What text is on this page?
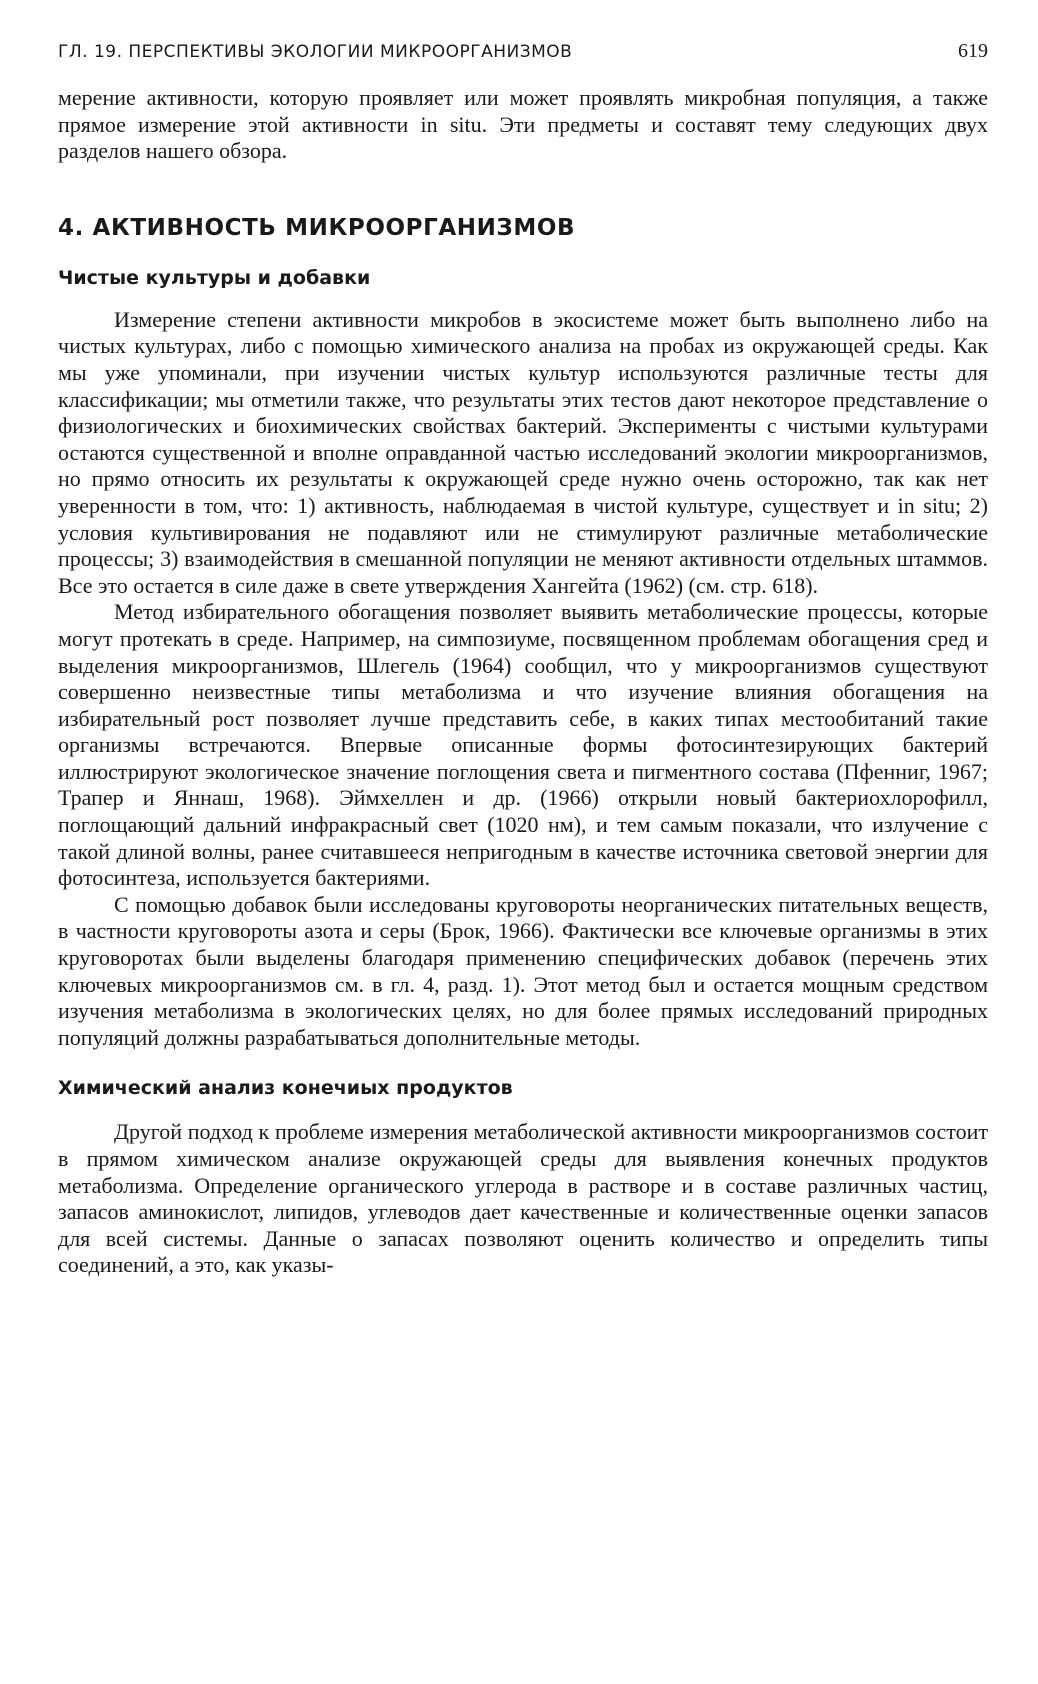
ГЛ. 19. ПЕРСПЕКТИВЫ ЭКОЛОГИИ МИКРООРГАНИЗМОВ	619

мерение активности, которую проявляет или может проявлять микробная популяция, а также прямое измерение этой активности in situ. Эти предметы и составят тему следующих двух разделов нашего обзора.

4. АКТИВНОСТЬ МИКРООРГАНИЗМОВ
Чистые культуры и добавки

Измерение степени активности микробов в экосистеме может быть выполнено либо на чистых культурах, либо с помощью химического анализа на пробах из окружающей среды. Как мы уже упоминали, при изучении чистых культур используются различные тесты для классификации; мы отметили также, что результаты этих тестов дают некоторое представление о физиологических и биохимических свойствах бактерий. Эксперименты с чистыми культурами остаются существенной и вполне оправданной частью исследований экологии микроорганизмов, но прямо относить их результаты к окружающей среде нужно очень осторожно, так как нет уверенности в том, что: 1) активность, наблюдаемая в чистой культуре, существует и in situ; 2) условия культивирования не подавляют или не стимулируют различные метаболические процессы; 3) взаимодействия в смешанной популяции не меняют активности отдельных штаммов. Все это остается в силе даже в свете утверждения Хангейта (1962) (см. стр. 618).

Метод избирательного обогащения позволяет выявить метаболические процессы, которые могут протекать в среде. Например, на симпозиуме, посвященном проблемам обогащения сред и выделения микроорганизмов, Шлегель (1964) сообщил, что у микроорганизмов существуют совершенно неизвестные типы метаболизма и что изучение влияния обогащения на избирательный рост позволяет лучше представить себе, в каких типах местообитаний такие организмы встречаются. Впервые описанные формы фотосинтезирующих бактерий иллюстрируют экологическое значение поглощения света и пигментного состава (Пфенниг, 1967; Трапер и Яннаш, 1968). Эймхеллен и др. (1966) открыли новый бактериохлорофилл, поглощающий дальний инфракрасный свет (1020 нм), и тем самым показали, что излучение с такой длиной волны, ранее считавшееся непригодным в качестве источника световой энергии для фотосинтеза, используется бактериями.

С помощью добавок были исследованы круговороты неорганических питательных веществ, в частности круговороты азота и серы (Брок, 1966). Фактически все ключевые организмы в этих круговоротах были выделены благодаря применению специфических добавок (перечень этих ключевых микроорганизмов см. в гл. 4, разд. 1). Этот метод был и остается мощным средством изучения метаболизма в экологических целях, но для более прямых исследований природных популяций должны разрабатываться дополнительные методы.

Химический анализ конечиых продуктов

Другой подход к проблеме измерения метаболической активности микроорганизмов состоит в прямом химическом анализе окружающей среды для выявления конечных продуктов метаболизма. Определение органического углерода в растворе и в составе различных частиц, запасов аминокислот, липидов, углеводов дает качественные и количественные оценки запасов для всей системы. Данные о запасах позволяют оценить количество и определить типы соединений, а это, как указы-
